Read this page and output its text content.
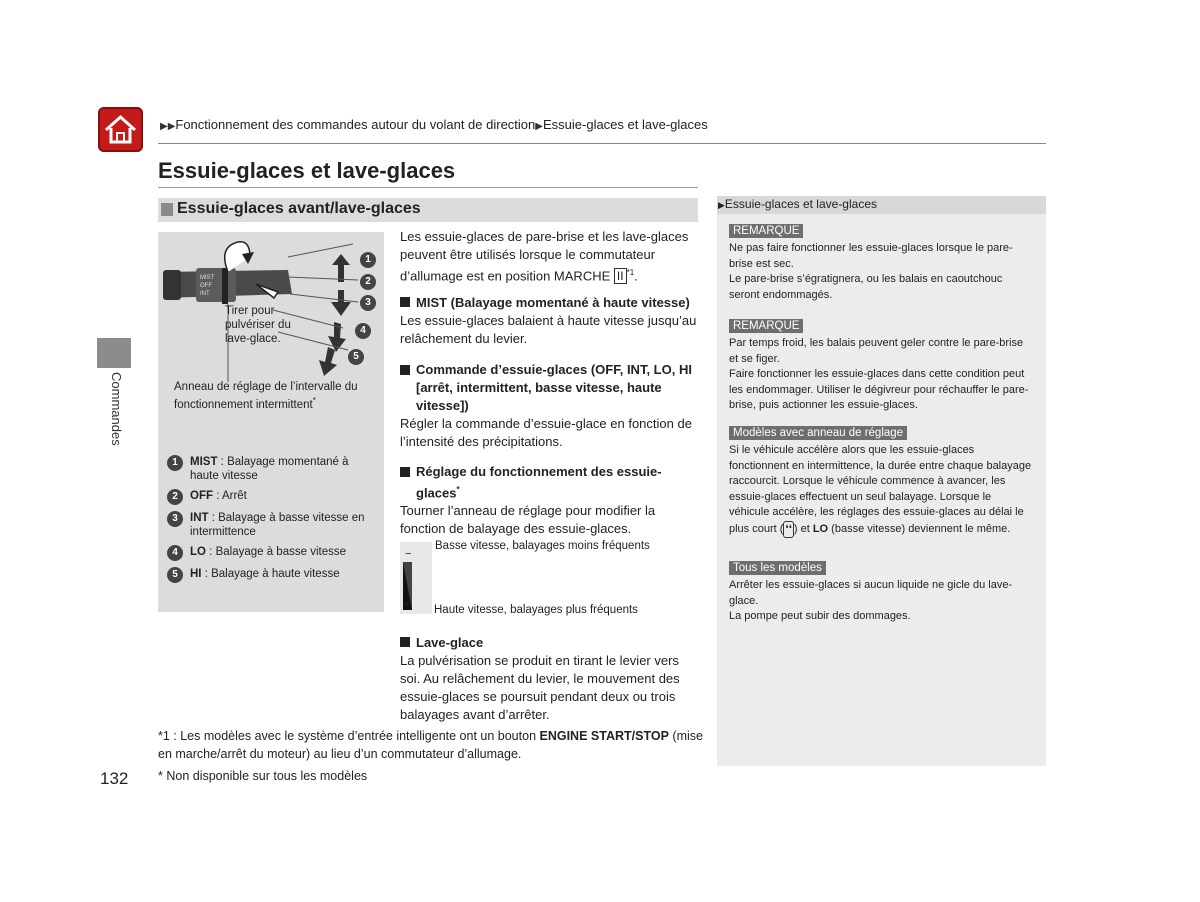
▶▶Fonctionnement des commandes autour du volant de direction▶Essuie-glaces et lave-glaces
Essuie-glaces et lave-glaces
Commandes
Essuie-glaces avant/lave-glaces
MIST
OFF
INT
1
2
3
4
5
Tirer pour pulvériser du lave-glace.
Anneau de réglage de l’intervalle du fonctionnement intermittent*
1	MIST : Balayage momentané à haute vitesse
2	OFF : Arrêt
3	INT : Balayage à basse vitesse en intermittence
4	LO : Balayage à basse vitesse
5	HI : Balayage à haute vitesse
Les essuie-glaces de pare-brise et les lave-glaces peuvent être utilisés lorsque le commutateur d’allumage est en position MARCHE II $^{*1}$.
MIST (Balayage momentané à haute vitesse)
Les essuie-glaces balaient à haute vitesse jusqu’au relâchement du levier.
Commande d’essuie-glaces (OFF, INT, LO, HI [arrêt, intermittent, basse vitesse, haute vitesse])
Régler la commande d’essuie-glace en fonction de l’intensité des précipitations.
Réglage du fonctionnement des essuie-glaces*
Tourner l’anneau de réglage pour modifier la fonction de balayage des essuie-glaces.
−
+
Basse vitesse, balayages moins fréquents
Haute vitesse, balayages plus fréquents
Lave-glace
La pulvérisation se produit en tirant le levier vers soi. Au relâchement du levier, le mouvement des essuie-glaces se poursuit pendant deux ou trois balayages avant d’arrêter.
*1 : Les modèles avec le système d’entrée intelligente ont un bouton ENGINE START/STOP (mise en marche/arrêt du moteur) au lieu d’un commutateur d’allumage.
* Non disponible sur tous les modèles
132
▶Essuie-glaces et lave-glaces
REMARQUE
Ne pas faire fonctionner les essuie-glaces lorsque le pare-brise est sec.
Le pare-brise s’égratignera, ou les balais en caoutchouc seront endommagés.
REMARQUE
Par temps froid, les balais peuvent geler contre le pare-brise et se figer.
Faire fonctionner les essuie-glaces dans cette condition peut les endommager. Utiliser le dégivreur pour réchauffer le pare-brise, puis actionner les essuie-glaces.
Modèles avec anneau de réglage
Si le véhicule accélère alors que les essuie-glaces fonctionnent en intermittence, la durée entre chaque balayage raccourcit. Lorsque le véhicule commence à avancer, les essuie-glaces effectuent un seul balayage. Lorsque le véhicule accélère, les réglages des essuie-glaces au délai le plus court ( ❛❛ ) et LO (basse vitesse) deviennent le même.
Tous les modèles
Arrêter les essuie-glaces si aucun liquide ne gicle du lave-glace.
La pompe peut subir des dommages.
